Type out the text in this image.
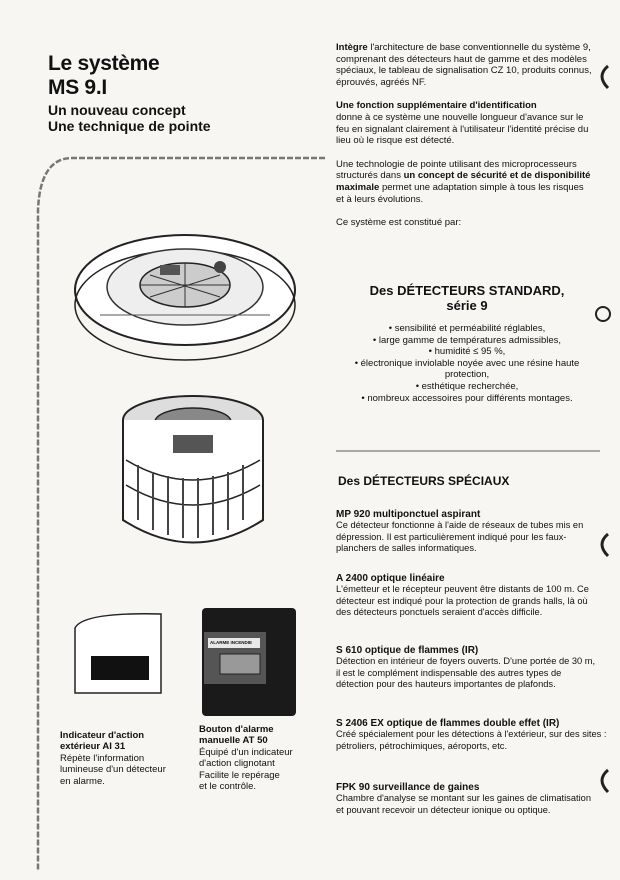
Le système
MS 9.I
Un nouveau concept
Une technique de pointe
ALARME INCENDIE
Indicateur d'action
extérieur AI 31
Répète l'information
lumineuse d'un détecteur
en alarme.
Bouton d'alarme
manuelle AT 50
Équipé d'un indicateur
d'action clignotant
Facilite le repérage
et le contrôle.

Intègre l'architecture de base conventionnelle du système 9, comprenant des détecteurs haut de gamme et des modèles spéciaux, le tableau de signalisation CZ 10, produits connus, éprouvés, agréés NF.

Une fonction supplémentaire d'identification
donne à ce système une nouvelle longueur d'avance sur le feu en signalant clairement à l'utilisateur l'identité précise du lieu où le risque est détecté.

Une technologie de pointe utilisant des microprocesseurs structurés dans un concept de sécurité et de disponibilité maximale permet une adaptation simple à tous les risques et à leurs évolutions.

Ce système est constitué par:

Des DÉTECTEURS STANDARD,
série 9
• sensibilité et perméabilité réglables,
• large gamme de températures admissibles,
• humidité ≤ 95 %,
• électronique inviolable noyée avec une résine haute protection,
• esthétique recherchée,
• nombreux accessoires pour différents montages.
Des DÉTECTEURS SPÉCIAUX
MP 920 multiponctuel aspirant
Ce détecteur fonctionne à l'aide de réseaux de tubes mis en dépression. Il est particulièrement indiqué pour les faux-planchers de salles informatiques.
A 2400 optique linéaire
L'émetteur et le récepteur peuvent être distants de 100 m. Ce détecteur est indiqué pour la protection de grands halls, là où des détecteurs ponctuels seraient d'accès difficile.
S 610 optique de flammes (IR)
Détection en intérieur de foyers ouverts. D'une portée de 30 m, il est le complément indispensable des autres types de détection pour des hauteurs importantes de plafonds.
S 2406 EX optique de flammes double effet (IR)
Créé spécialement pour les détections à l'extérieur, sur des sites : pétroliers, pétrochimiques, aéroports, etc.
FPK 90 surveillance de gaines
Chambre d'analyse se montant sur les gaines de climatisation et pouvant recevoir un détecteur ionique ou optique.
